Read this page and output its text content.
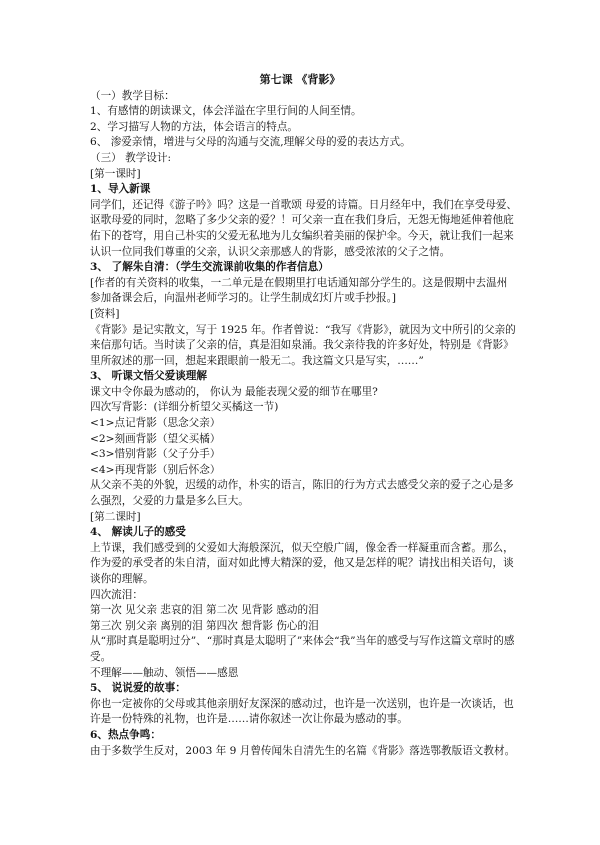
第七课 《背影》
（一）教学目标：
1、有感情的朗读课文，体会洋溢在字里行间的人间至情。
2、学习描写人物的方法，体会语言的特点。
6、 渗爱亲情，增进与父母的沟通与交流,理解父母的爱的表达方式。
（三） 教学设计:
[第一课时]
1、导入新课
同学们，还记得《游子吟》吗？这是一首歌颂 母爱的诗篇。日月经年中，我们在享受母爱、
讴歌母爱的同时，忽略了多少父亲的爱？！可父亲一直在我们身后，无怨无悔地延伸着他庇
佑下的苍穹，用自己朴实的父爱无私地为儿女编织着美丽的保护伞。今天，就让我们一起来
认识一位同我们尊重的父亲，认识父亲那感人的背影，感受浓浓的父子之情。
3、 了解朱自清：（学生交流课前收集的作者信息）
[作者的有关资料的收集，一二单元是在假期里打电话通知部分学生的。这是假期中去温州
参加备课会后，向温州老师学习的。让学生制成幻灯片或手抄报。]
[资料]
《背影》是记实散文，写于 1925 年。作者曾说：“我写《背影》，就因为文中所引的父亲的
来信那句话。当时读了父亲的信，真是泪如泉涌。我父亲待我的许多好处，特别是《背影》
里所叙述的那一回，想起来跟眼前一般无二。我这篇文只是写实，……”
3、 听课文悟父爱谈理解
课文中令你最为感动的， 你认为 最能表现父爱的细节在哪里?
四次写背影：(详细分析望父买橘这一节)
<1>点记背影（思念父亲）
<2>刻画背影（望父买橘）
<3>惜别背影（父子分手）
<4>再现背影（别后怀念）
从父亲不美的外貌，迟缓的动作，朴实的语言，陈旧的行为方式去感受父亲的爱子之心是多
么强烈，父爱的力量是多么巨大。
[第二课时]
4、 解读儿子的感受
上节课，我们感受到的父爱如大海般深沉，似天空般广阔，像金香一样凝重而含蓄。那么，
作为爱的承受者的朱自清，面对如此博大精深的爱，他又是怎样的呢？请找出相关语句，谈
谈你的理解。
四次流泪：
第一次 见父亲 悲哀的泪 第二次 见背影 感动的泪
第三次 别父亲 离别的泪 第四次 想背影 伤心的泪
从“那时真是聪明过分”、“那时真是太聪明了”来体会“我”当年的感受与写作这篇文章时的感
受。
不理解——触动、领悟——感恩
5、 说说爱的故事：
你也一定被你的父母或其他亲朋好友深深的感动过，也许是一次送别，也许是一次谈话，也
许是一份特殊的礼物，也许是……请你叙述一次让你最为感动的事。
6、热点争鸣：
由于多数学生反对，2003 年 9 月曾传闻朱自清先生的名篇《背影》落选鄂教版语文教材。
